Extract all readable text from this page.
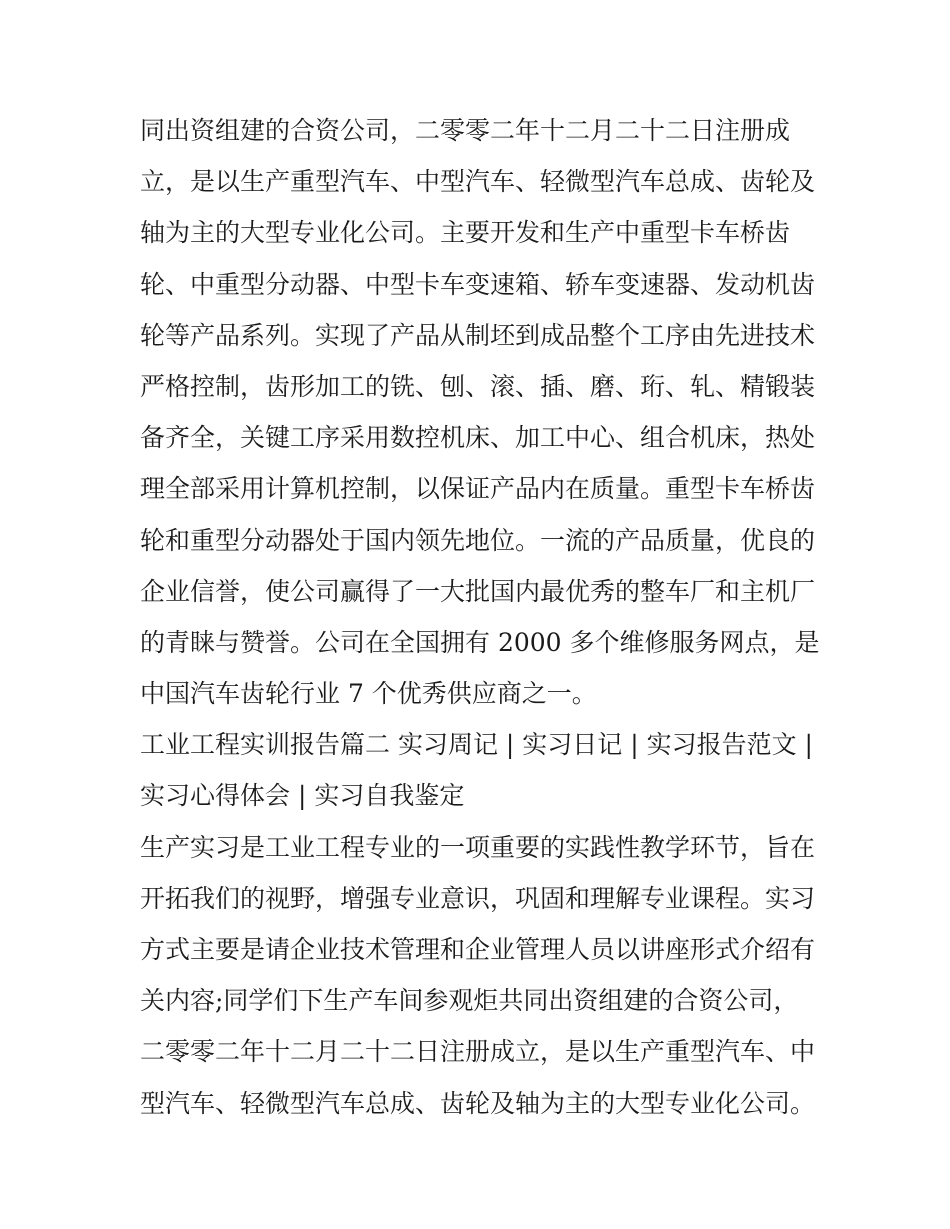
同出资组建的合资公司，二零零二年十二月二十二日注册成
立，是以生产重型汽车、中型汽车、轻微型汽车总成、齿轮及
轴为主的大型专业化公司。主要开发和生产中重型卡车桥齿
轮、中重型分动器、中型卡车变速箱、轿车变速器、发动机齿
轮等产品系列。实现了产品从制坯到成品整个工序由先进技术
严格控制，齿形加工的铣、刨、滚、插、磨、珩、轧、精锻装
备齐全，关键工序采用数控机床、加工中心、组合机床，热处
理全部采用计算机控制，以保证产品内在质量。重型卡车桥齿
轮和重型分动器处于国内领先地位。一流的产品质量，优良的
企业信誉，使公司赢得了一大批国内最优秀的整车厂和主机厂
的青睐与赞誉。公司在全国拥有 2000 多个维修服务网点，是
中国汽车齿轮行业 7 个优秀供应商之一。
工业工程实训报告篇二 实习周记 | 实习日记 | 实习报告范文 |
实习心得体会 | 实习自我鉴定
生产实习是工业工程专业的一项重要的实践性教学环节，旨在
开拓我们的视野，增强专业意识，巩固和理解专业课程。实习
方式主要是请企业技术管理和企业管理人员以讲座形式介绍有
关内容;同学们下生产车间参观炬共同出资组建的合资公司，
二零零二年十二月二十二日注册成立，是以生产重型汽车、中
型汽车、轻微型汽车总成、齿轮及轴为主的大型专业化公司。
